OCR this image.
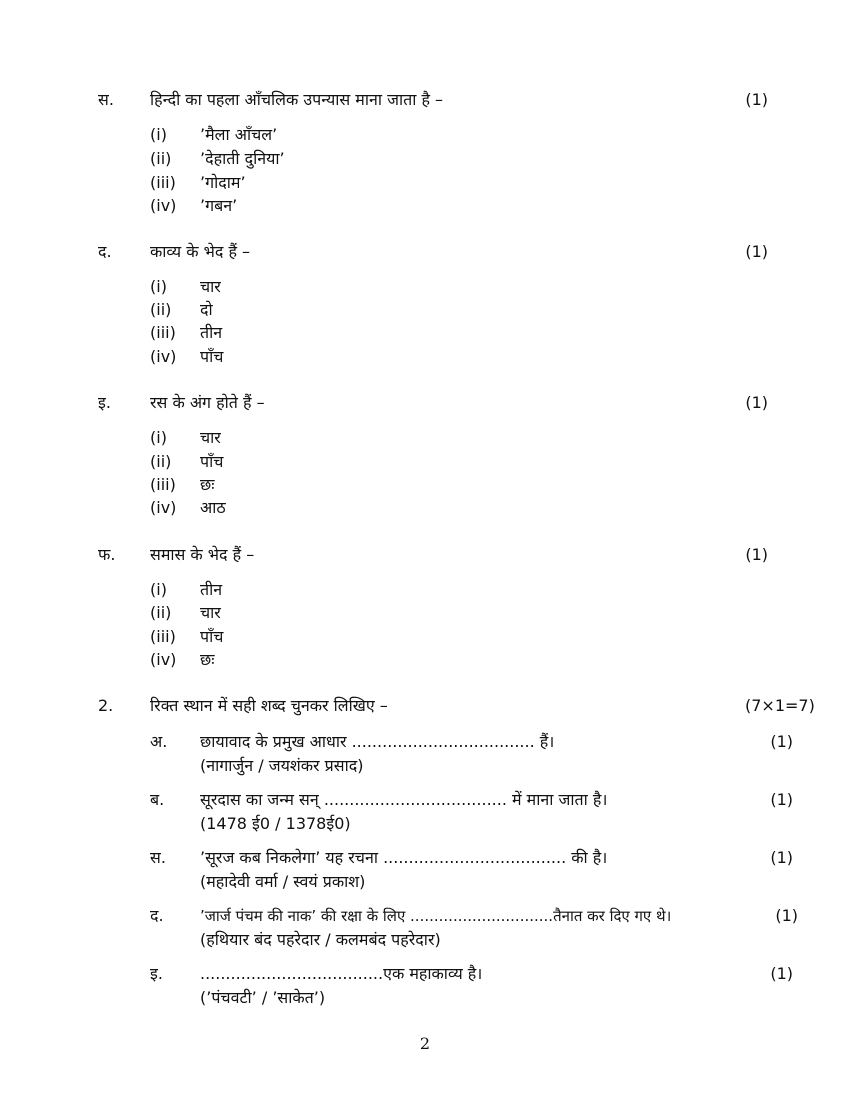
स. हिन्दी का पहला आँचलिक उपन्यास माना जाता है –	(1)
(i) ’मैला आँचल’
(ii) ’देहाती दुनिया’
(iii) ’गोदाम’
(iv) ’गबन’
द. काव्य के भेद हैं –	(1)
(i) चार
(ii) दो
(iii) तीन
(iv) पाँच
इ. रस के अंग होते हैं –	(1)
(i) चार
(ii) पाँच
(iii) छः
(iv) आठ
फ. समास के भेद हैं –	(1)
(i) तीन
(ii) चार
(iii) पाँच
(iv) छः
2. रिक्त स्थान में सही शब्द चुनकर लिखिए –	(7×1=7)
अ. छायावाद के प्रमुख आधार .................................... हैं।	(1)
(नागार्जुन / जयशंकर प्रसाद)
ब. सूरदास का जन्म सन् .................................... में माना जाता है।	(1)
(1478 ई0 / 1378ई0)
स. ’सूरज कब निकलेगा’ यह रचना .................................... की है।	(1)
(महादेवी वर्मा / स्वयं प्रकाश)
द. ’जार्ज पंचम की नाक’ की रक्षा के लिए ..............................तैनात कर दिए गए थे।	(1)
(हथियार बंद पहरेदार / कलमबंद पहरेदार)
इ. ....................................एक महाकाव्य है।	(1)
(’पंचवटी’ / ’साकेत’)
2
